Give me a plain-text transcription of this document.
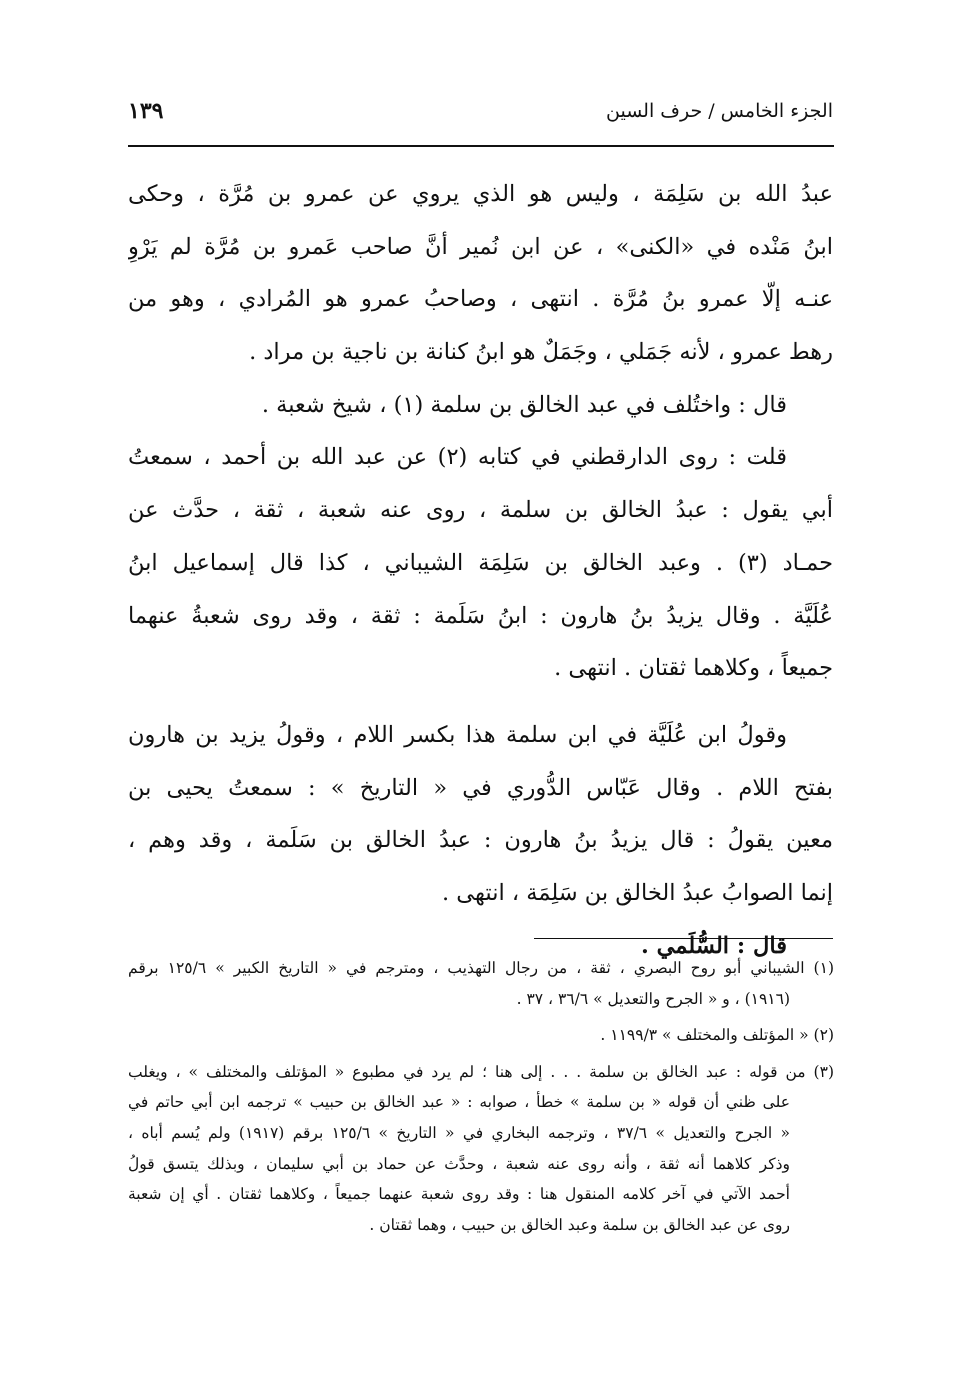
الجزء الخامس / حرف السين
١٣٩
عبدُ الله بن سَلِمَة ، وليس هو الذي يروي عن عمرو بن مُرَّة ، وحكى
ابنُ مَنْده في «الكنى» ، عن ابن نُمير أنَّ صاحب عَمرو بن مُرَّة لم يَرْوِ
عنـه إلّا عمرو بنُ مُرَّة . انتهى ، وصاحبُ عمرو هو المُرادي ، وهو من
رهط عمرو ، لأنه جَمَلي ، وجَمَلٌ هو ابنُ كنانة بن ناجية بن مراد .
قال : واختُلف في عبد الخالق بن سلمة (١) ، شيخ شعبة .
قلت : روى الدارقطني في كتابه (٢) عن عبد الله بن أحمد ، سمعتُ
أبي يقول : عبدُ الخالق بن سلمة ، روى عنه شعبة ، ثقة ، حدَّث عن
حمـاد (٣) . وعبد الخالق بن سَلِمَة الشيباني ، كذا قال إسماعيل ابنُ
عُلَيَّة . وقال يزيدُ بنُ هارون : ابنُ سَلَمة : ثقة ، وقد روى شعبةُ عنهما
جميعاً ، وكلاهما ثقتان . انتهى .
وقولُ ابن عُلَيَّة في ابن سلمة هذا بكسر اللام ، وقولُ يزيد بن هارون
بفتح اللام . وقال عَبّاس الدُّوري في « التاريخ » : سمعتُ يحيى بن
معين يقولُ : قال يزيدُ بنُ هارون : عبدُ الخالق بن سَلَمة ، وقد وهم ،
إنما الصوابُ عبدُ الخالق بن سَلِمَة ، انتهى .
قال : السُّلَمي .
(١) الشيباني أبو روح البصري ، ثقة ، من رجال التهذيب ، ومترجم في « التاريخ الكبير » ١٢٥/٦ برقم
(١٩١٦) ، و « الجرح والتعديل » ٣٦/٦ ، ٣٧ .
(٢) « المؤتلف والمختلف » ١١٩٩/٣ .
(٣) من قوله : عبد الخالق بن سلمة . . . إلى هنا ؛ لم يرد في مطبوع « المؤتلف والمختلف » ، ويغلب
على ظني أن قوله « بن سلمة » خطأ ، صوابه : « عبد الخالق بن حبيب » ترجمه ابن أبي حاتم في
« الجرح والتعديل » ٣٧/٦ ، وترجمه البخاري في « التاريخ » ١٢٥/٦ برقم (١٩١٧) ولم يُسم أباه ،
وذكر كلاهما أنه ثقة ، وأنه روى عنه شعبة ، وحدَّث عن حماد بن أبي سليمان ، وبذلك يتسق قولُ
أحمد الآتي في آخر كلامه المنقول هنا : وقد روى شعبة عنهما جميعاً ، وكلاهما ثقتان . أي إن شعبة
روى عن عبد الخالق بن سلمة وعبد الخالق بن حبيب ، وهما ثقتان .
